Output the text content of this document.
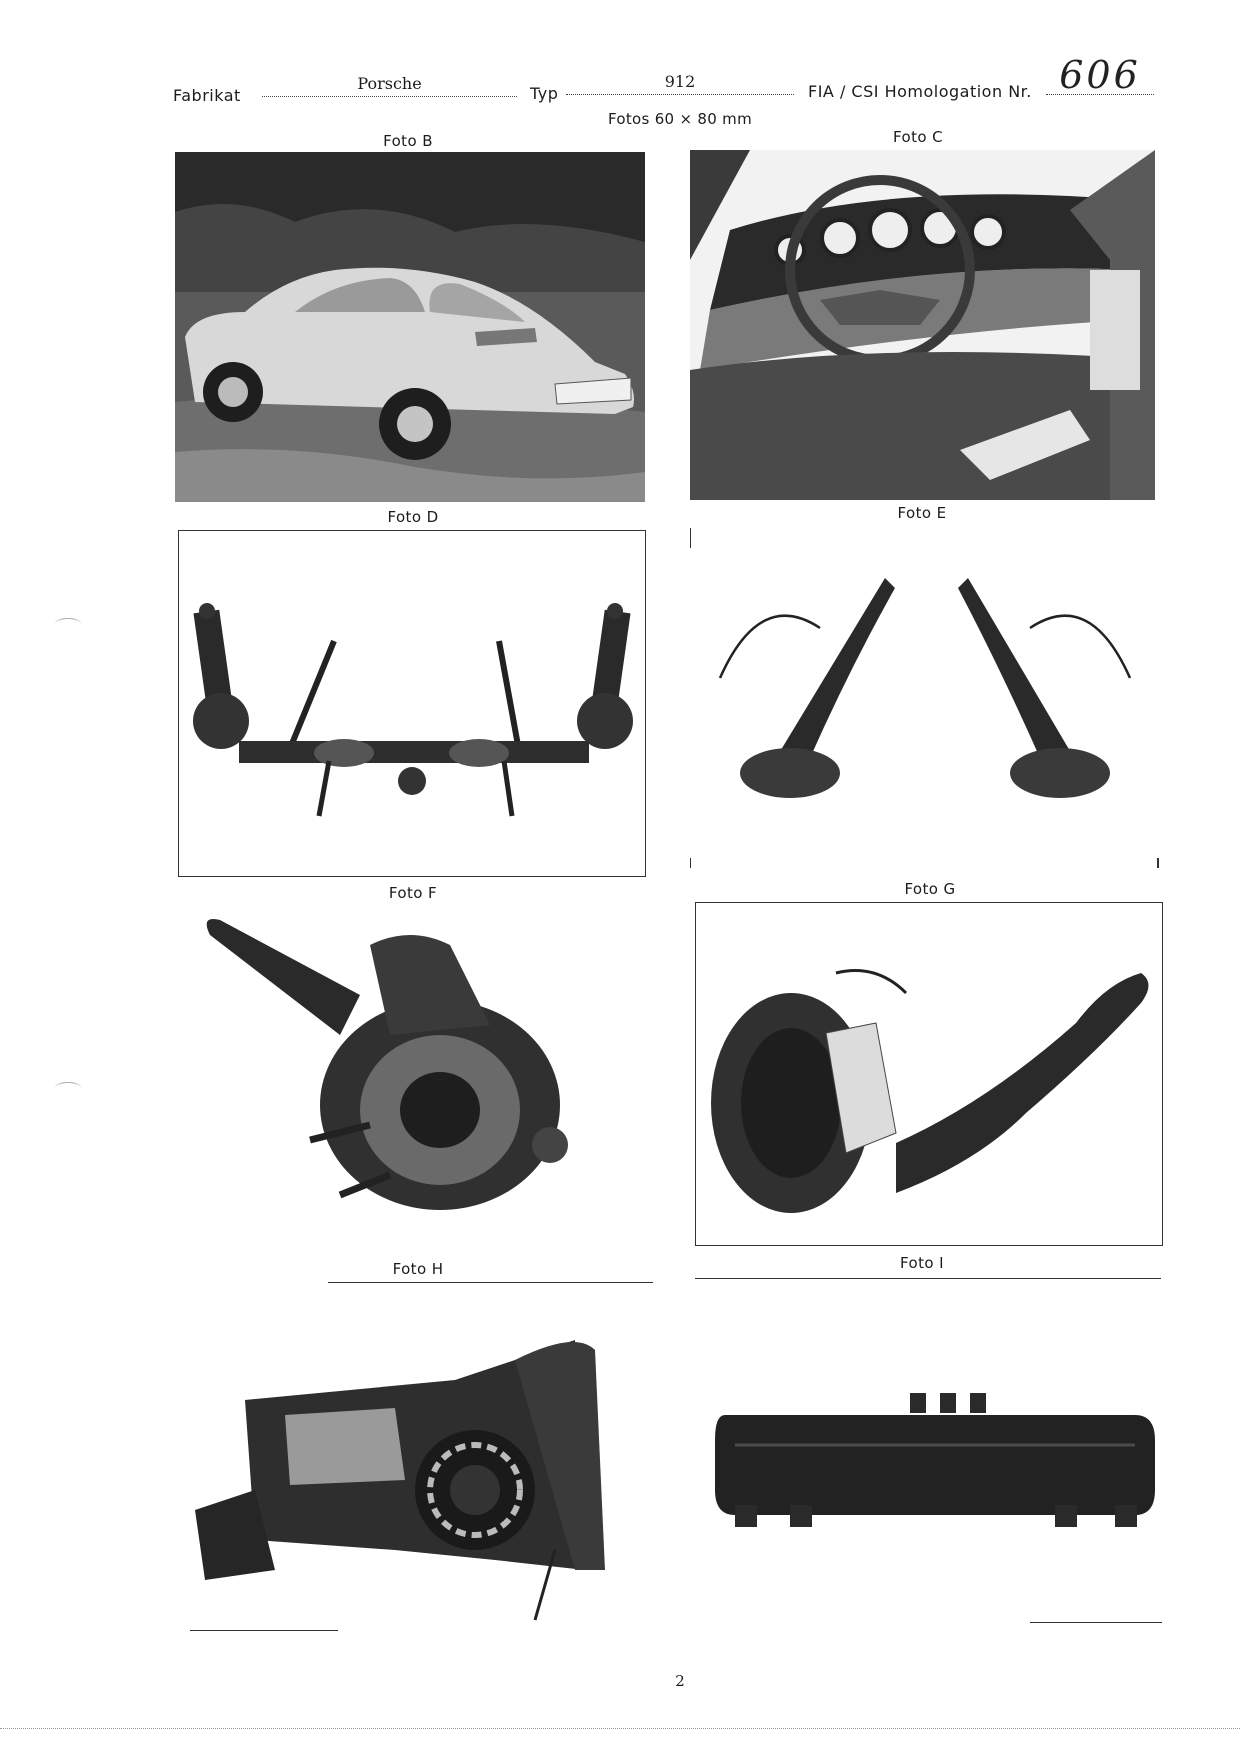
Fabrikat
Porsche
Typ
912
FIA / CSI Homologation Nr. 606
Fotos 60 × 80 mm
Foto B	Foto C
Foto D	Foto E
Foto F	Foto G
Foto H	Foto I
2
